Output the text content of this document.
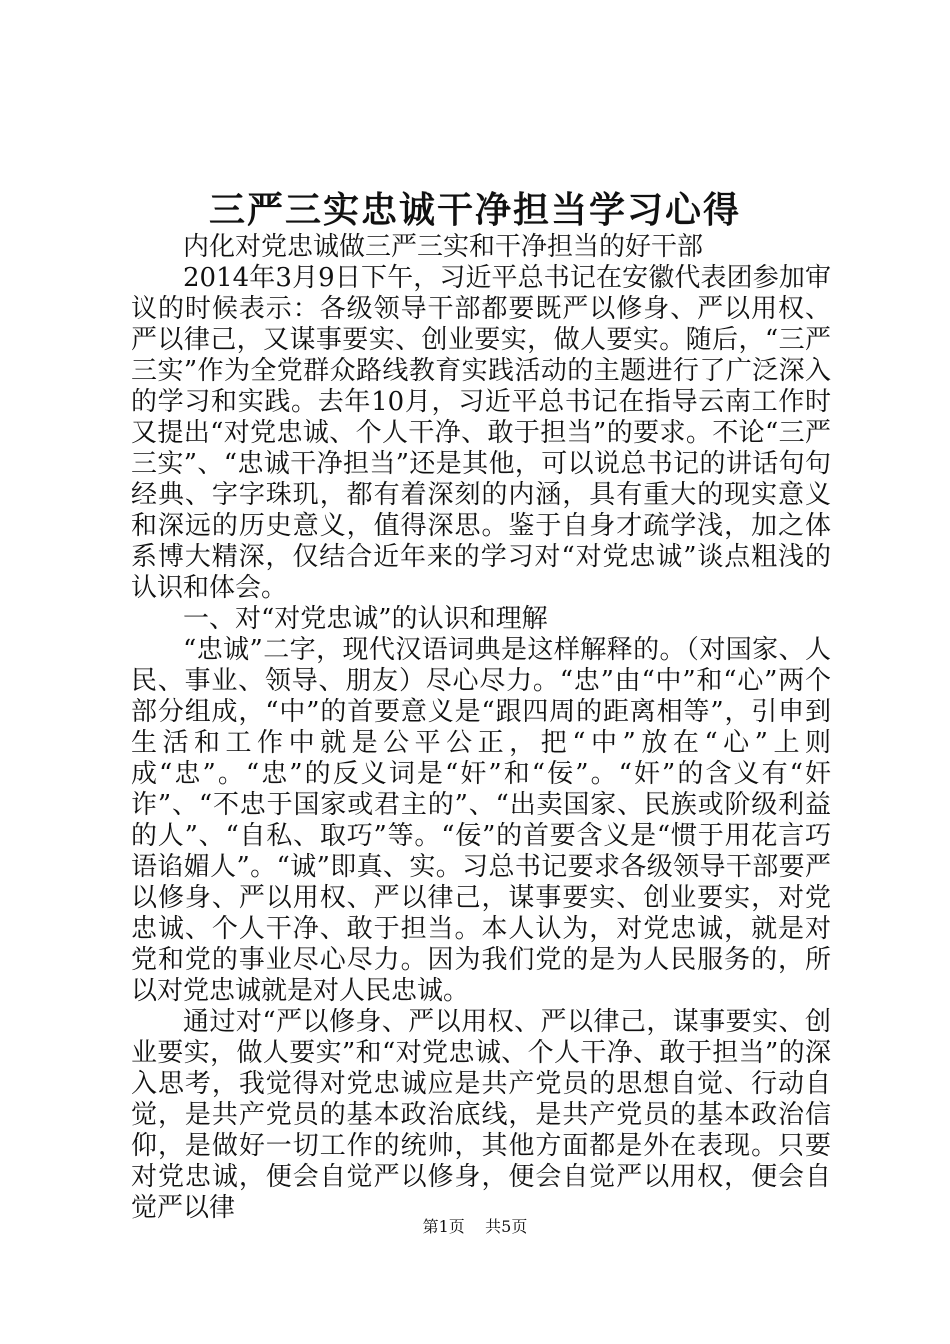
三严三实忠诚干净担当学习心得

内化对党忠诚做三严三实和干净担当的好干部

2014年3月9日下午，习近平总书记在安徽代表团参加审议的时候表示：各级领导干部都要既严以修身、严以用权、严以律己，又谋事要实、创业要实，做人要实。随后，“三严三实”作为全党群众路线教育实践活动的主题进行了广泛深入的学习和实践。去年10月，习近平总书记在指导云南工作时又提出“对党忠诚、个人干净、敢于担当”的要求。不论“三严三实”、“忠诚干净担当”还是其他，可以说总书记的讲话句句经典、字字珠玑，都有着深刻的内涵，具有重大的现实意义和深远的历史意义，值得深思。鉴于自身才疏学浅，加之体系博大精深，仅结合近年来的学习对“对党忠诚”谈点粗浅的认识和体会。

一、对“对党忠诚”的认识和理解

“忠诚”二字，现代汉语词典是这样解释的。（对国家、人民、事业、领导、朋友）尽心尽力。“忠”由“中”和“心”两个部分组成，“中”的首要意义是“跟四周的距离相等”，引申到生活和工作中就是公平公正，把“中”放在“心”上则成“忠”。“忠”的反义词是“奸”和“佞”。“奸”的含义有“奸诈”、“不忠于国家或君主的”、“出卖国家、民族或阶级利益的人”、“自私、取巧”等。“佞”的首要含义是“惯于用花言巧语谄媚人”。“诚”即真、实。习总书记要求各级领导干部要严以修身、严以用权、严以律己，谋事要实、创业要实，对党忠诚、个人干净、敢于担当。本人认为，对党忠诚，就是对党和党的事业尽心尽力。因为我们党的是为人民服务的，所以对党忠诚就是对人民忠诚。

通过对“严以修身、严以用权、严以律己，谋事要实、创业要实，做人要实”和“对党忠诚、个人干净、敢于担当”的深入思考，我觉得对党忠诚应是共产党员的思想自觉、行动自觉，是共产党员的基本政治底线，是共产党员的基本政治信仰，是做好一切工作的统帅，其他方面都是外在表现。只要对党忠诚，便会自觉严以修身，便会自觉严以用权，便会自觉严以律

第1页 共5页
